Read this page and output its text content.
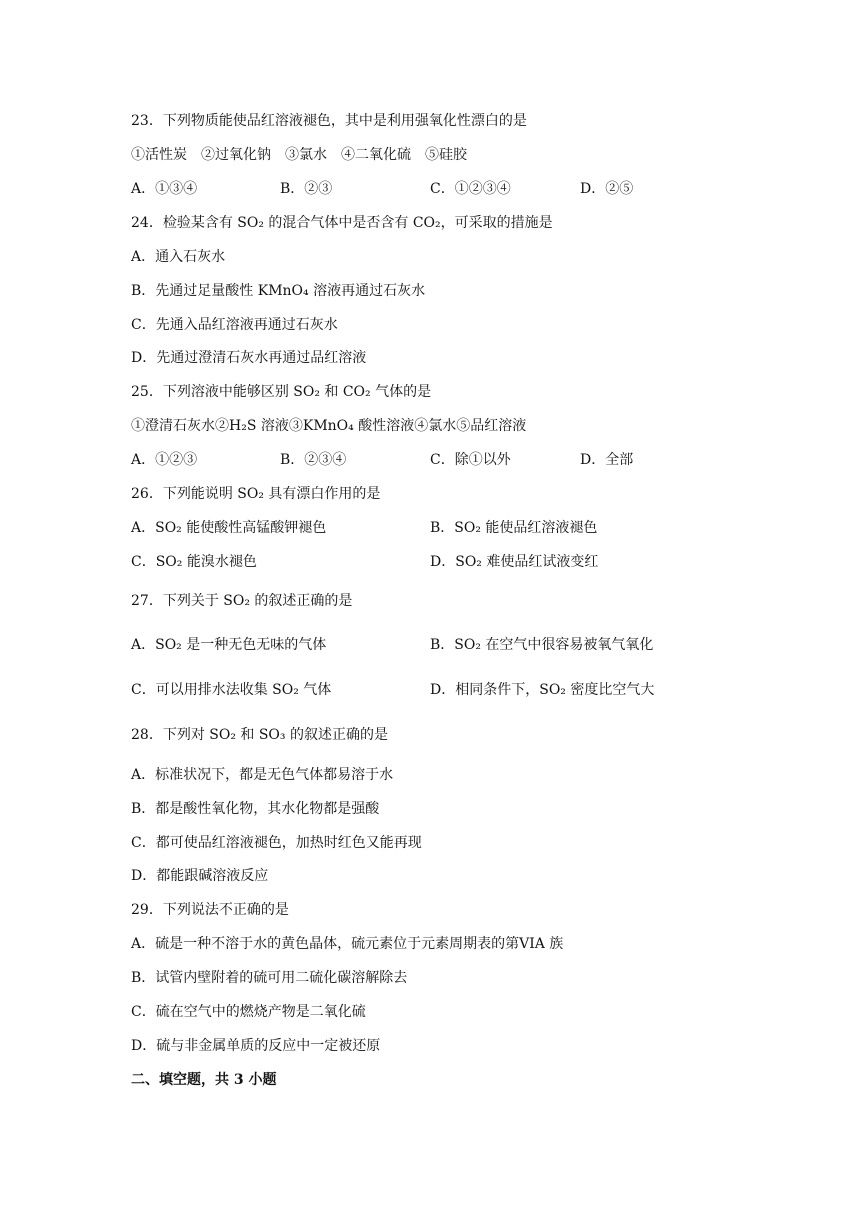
23．下列物质能使品红溶液褪色，其中是利用强氧化性漂白的是
①活性炭　②过氧化钠　③氯水　④二氧化硫　⑤硅胶
A．①③④	B．②③	C．①②③④	D．②⑤
24．检验某含有 SO₂ 的混合气体中是否含有 CO₂，可采取的措施是
A．通入石灰水
B．先通过足量酸性 KMnO₄ 溶液再通过石灰水
C．先通入品红溶液再通过石灰水
D．先通过澄清石灰水再通过品红溶液
25．下列溶液中能够区别 SO₂ 和 CO₂ 气体的是
①澄清石灰水②H₂S 溶液③KMnO₄ 酸性溶液④氯水⑤品红溶液
A．①②③	B．②③④	C．除①以外	D．全部
26．下列能说明 SO₂ 具有漂白作用的是
A．SO₂ 能使酸性高锰酸钾褪色	B．SO₂ 能使品红溶液褪色
C．SO₂ 能溴水褪色	D．SO₂ 难使品红试液变红
27．下列关于 SO₂ 的叙述正确的是
A．SO₂ 是一种无色无味的气体	B．SO₂ 在空气中很容易被氧气氧化
C．可以用排水法收集 SO₂ 气体	D．相同条件下，SO₂ 密度比空气大
28．下列对 SO₂ 和 SO₃ 的叙述正确的是
A．标准状况下，都是无色气体都易溶于水
B．都是酸性氧化物，其水化物都是强酸
C．都可使品红溶液褪色，加热时红色又能再现
D．都能跟碱溶液反应
29．下列说法不正确的是
A．硫是一种不溶于水的黄色晶体，硫元素位于元素周期表的第VIA 族
B．试管内壁附着的硫可用二硫化碳溶解除去
C．硫在空气中的燃烧产物是二氧化硫
D．硫与非金属单质的反应中一定被还原
二、填空题，共 3 小题
